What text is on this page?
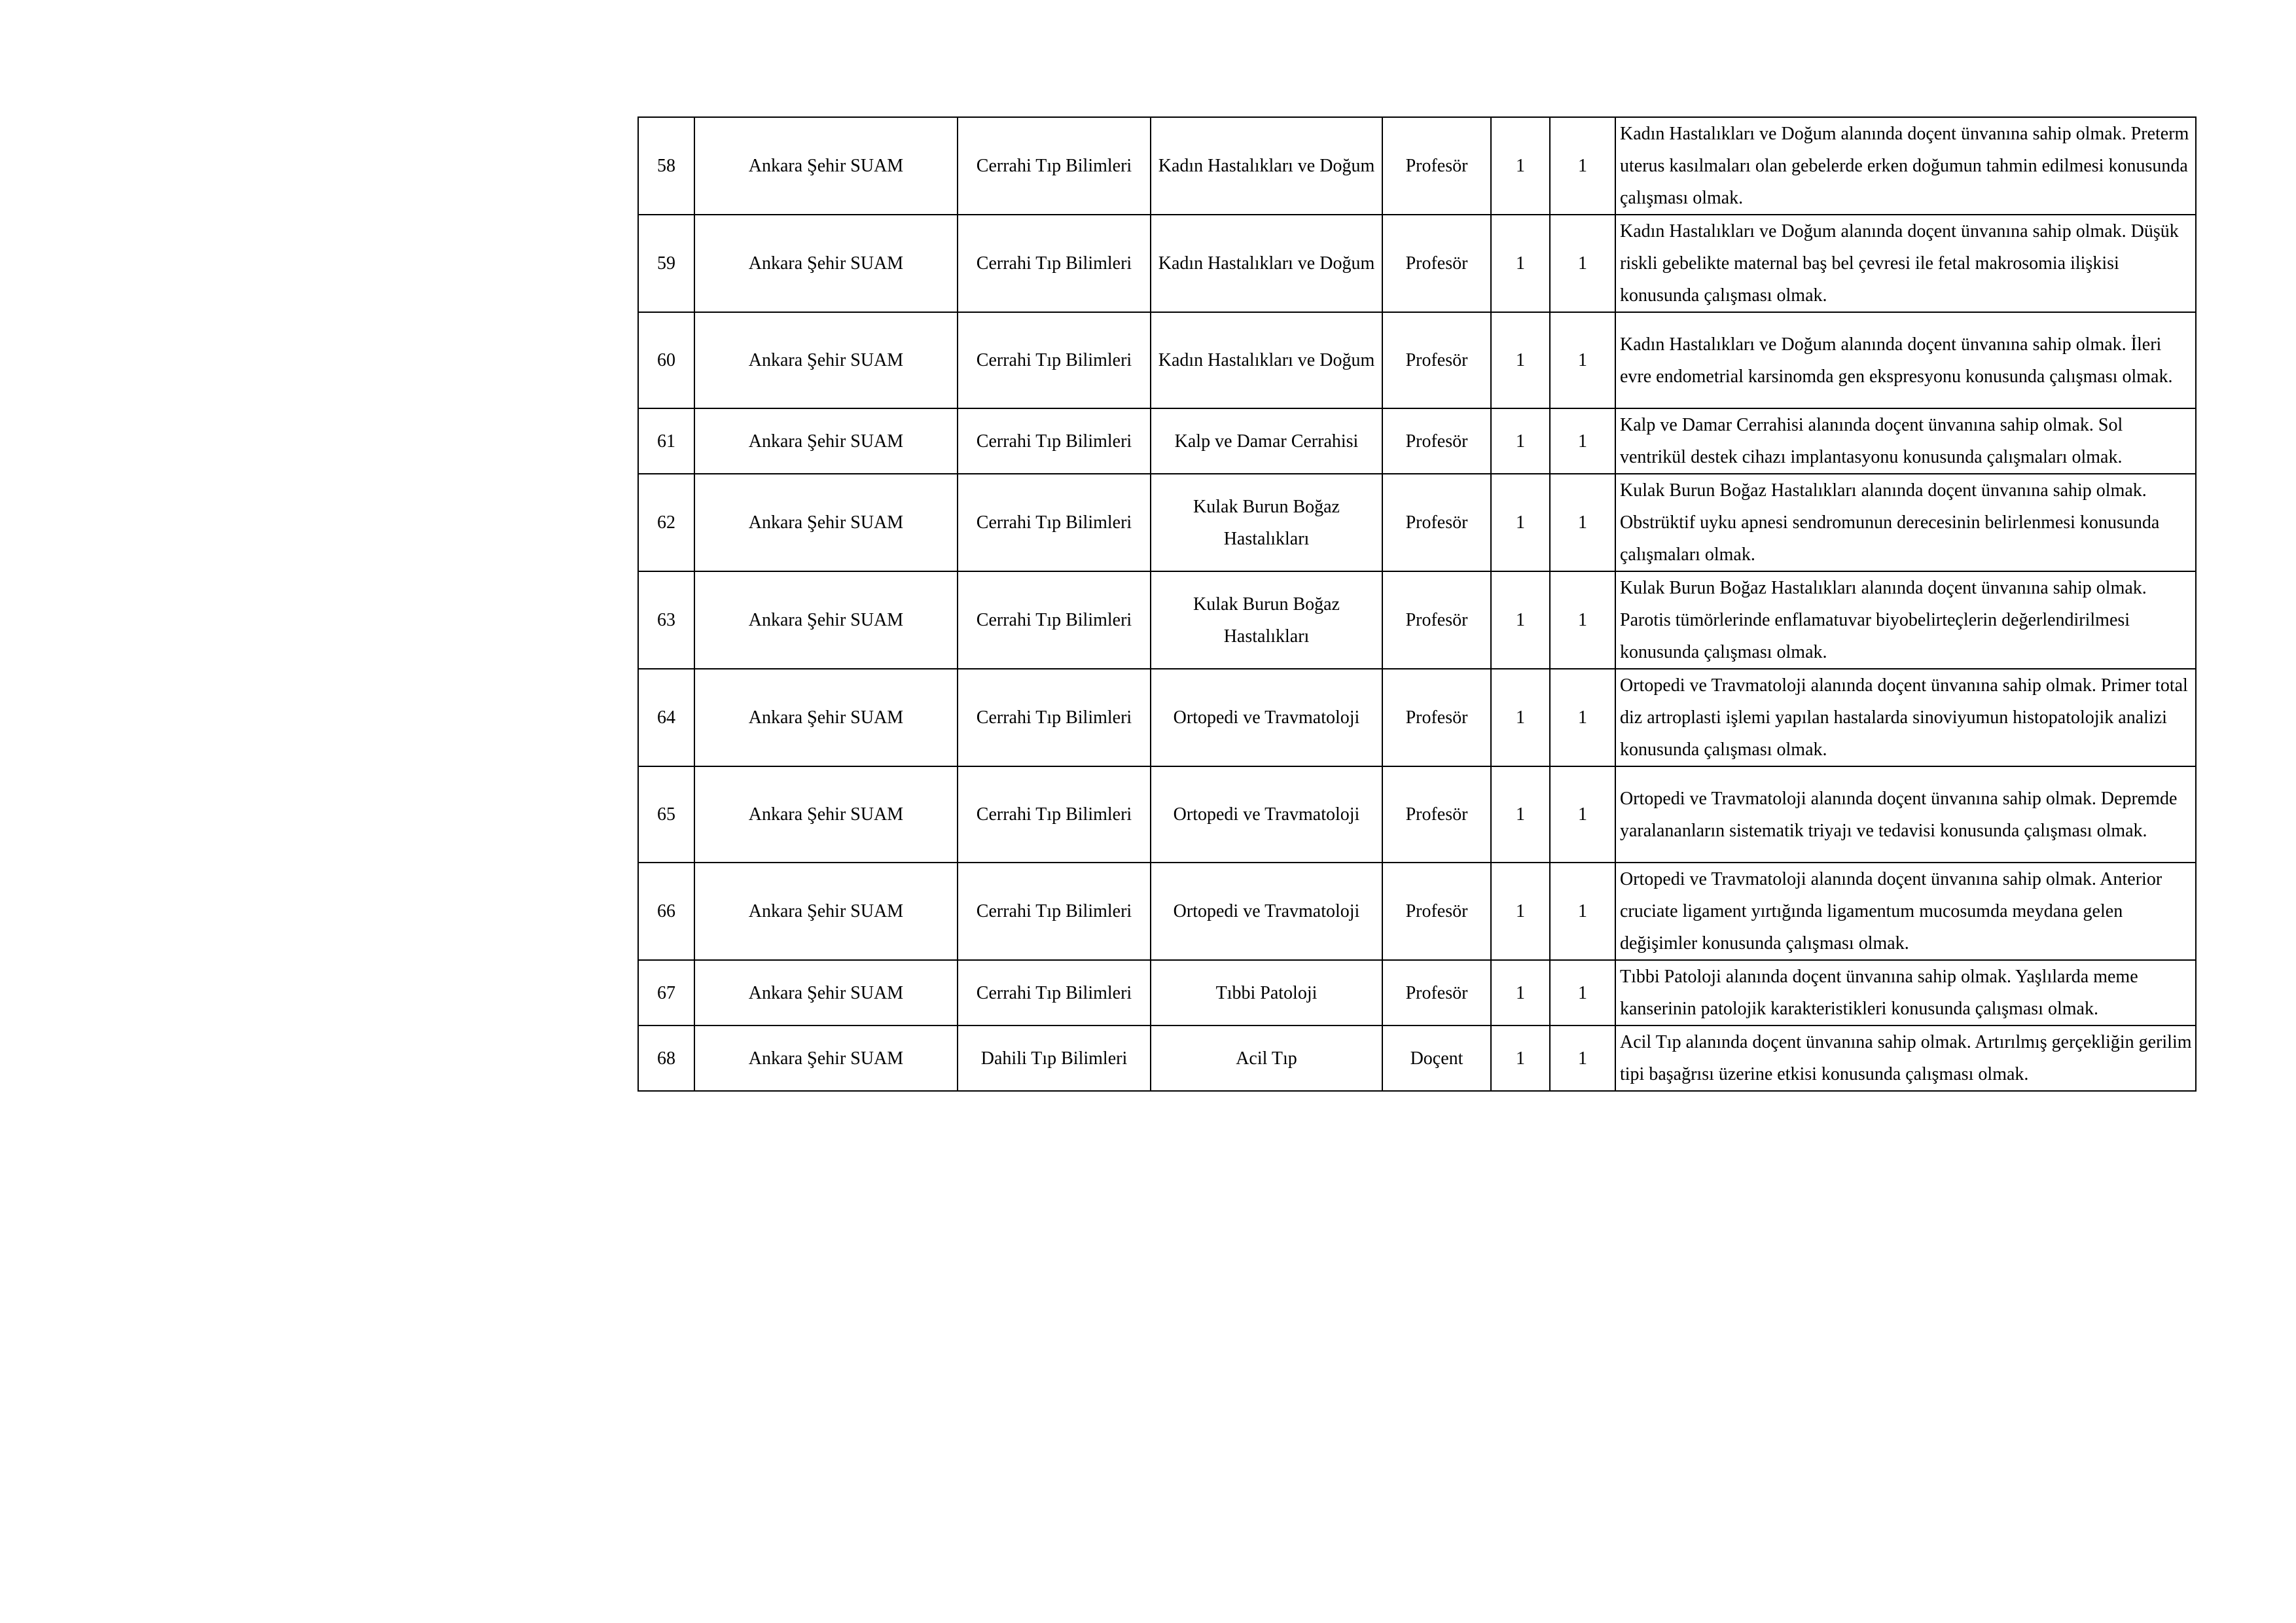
58	Ankara Şehir SUAM	Cerrahi Tıp Bilimleri	Kadın Hastalıkları ve Doğum	Profesör	1	1	Kadın Hastalıkları ve Doğum alanında doçent ünvanına sahip olmak. Preterm uterus kasılmaları olan gebelerde erken doğumun tahmin edilmesi konusunda çalışması olmak.
59	Ankara Şehir SUAM	Cerrahi Tıp Bilimleri	Kadın Hastalıkları ve Doğum	Profesör	1	1	Kadın Hastalıkları ve Doğum alanında doçent ünvanına sahip olmak. Düşük riskli gebelikte maternal baş bel çevresi ile fetal makrosomia ilişkisi konusunda çalışması olmak.
60	Ankara Şehir SUAM	Cerrahi Tıp Bilimleri	Kadın Hastalıkları ve Doğum	Profesör	1	1	Kadın Hastalıkları ve Doğum alanında doçent ünvanına sahip olmak. İleri evre endometrial karsinomda gen ekspresyonu konusunda çalışması olmak.
61	Ankara Şehir SUAM	Cerrahi Tıp Bilimleri	Kalp ve Damar Cerrahisi	Profesör	1	1	Kalp ve Damar Cerrahisi alanında doçent ünvanına sahip olmak. Sol ventrikül destek cihazı implantasyonu konusunda çalışmaları olmak.
62	Ankara Şehir SUAM	Cerrahi Tıp Bilimleri	Kulak Burun Boğaz Hastalıkları	Profesör	1	1	Kulak Burun Boğaz Hastalıkları alanında doçent ünvanına sahip olmak. Obstrüktif uyku apnesi sendromunun derecesinin belirlenmesi konusunda çalışmaları olmak.
63	Ankara Şehir SUAM	Cerrahi Tıp Bilimleri	Kulak Burun Boğaz Hastalıkları	Profesör	1	1	Kulak Burun Boğaz Hastalıkları alanında doçent ünvanına sahip olmak. Parotis tümörlerinde enflamatuvar biyobelirteçlerin değerlendirilmesi konusunda çalışması olmak.
64	Ankara Şehir SUAM	Cerrahi Tıp Bilimleri	Ortopedi ve Travmatoloji	Profesör	1	1	Ortopedi ve Travmatoloji alanında doçent ünvanına sahip olmak. Primer total diz artroplasti işlemi yapılan hastalarda sinoviyumun histopatolojik analizi konusunda çalışması olmak.
65	Ankara Şehir SUAM	Cerrahi Tıp Bilimleri	Ortopedi ve Travmatoloji	Profesör	1	1	Ortopedi ve Travmatoloji alanında doçent ünvanına sahip olmak. Depremde yaralananların sistematik triyajı ve tedavisi konusunda çalışması olmak.
66	Ankara Şehir SUAM	Cerrahi Tıp Bilimleri	Ortopedi ve Travmatoloji	Profesör	1	1	Ortopedi ve Travmatoloji alanında doçent ünvanına sahip olmak. Anterior cruciate ligament yırtığında ligamentum mucosumda meydana gelen değişimler konusunda çalışması olmak.
67	Ankara Şehir SUAM	Cerrahi Tıp Bilimleri	Tıbbi Patoloji	Profesör	1	1	Tıbbi Patoloji alanında doçent ünvanına sahip olmak. Yaşlılarda meme kanserinin patolojik karakteristikleri konusunda çalışması olmak.
68	Ankara Şehir SUAM	Dahili Tıp Bilimleri	Acil Tıp	Doçent	1	1	Acil Tıp alanında doçent ünvanına sahip olmak. Artırılmış gerçekliğin gerilim tipi başağrısı üzerine etkisi konusunda çalışması olmak.
